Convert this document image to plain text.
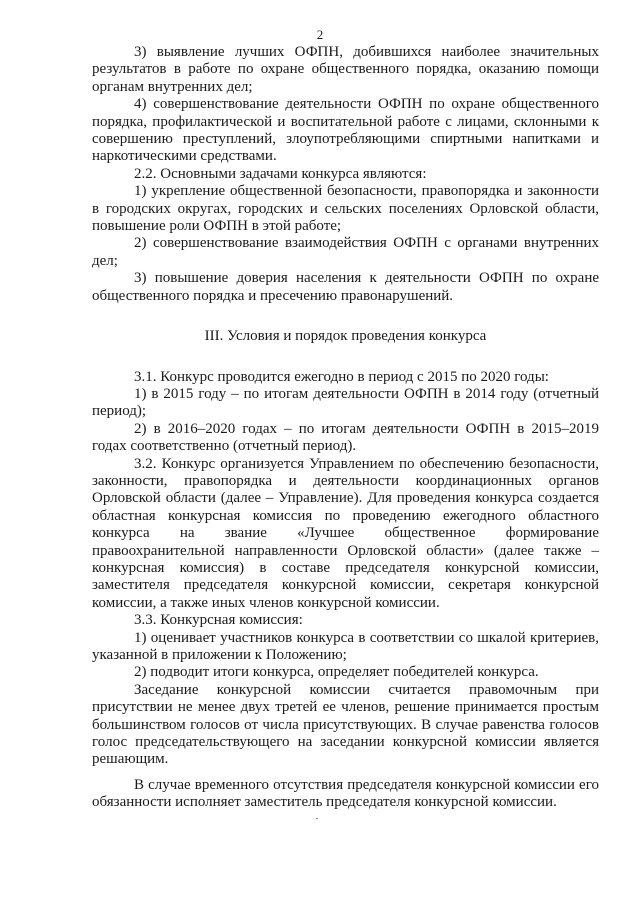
2

3) выявление лучших ОФПН, добившихся наиболее значительных результатов в работе по охране общественного порядка, оказанию помощи органам внутренних дел;

4) совершенствование деятельности ОФПН по охране общественного порядка, профилактической и воспитательной работе с лицами, склонными к совершению преступлений, злоупотребляющими спиртными напитками и наркотическими средствами.

2.2. Основными задачами конкурса являются:

1) укрепление общественной безопасности, правопорядка и законности в городских округах, городских и сельских поселениях Орловской области, повышение роли ОФПН в этой работе;

2) совершенствование взаимодействия ОФПН с органами внутренних дел;

3) повышение доверия населения к деятельности ОФПН по охране общественного порядка и пресечению правонарушений.

III. Условия и порядок проведения конкурса

3.1. Конкурс проводится ежегодно в период с 2015 по 2020 годы:

1) в 2015 году – по итогам деятельности ОФПН в 2014 году (отчетный период);

2) в 2016–2020 годах – по итогам деятельности ОФПН в 2015–2019 годах соответственно (отчетный период).

3.2. Конкурс организуется Управлением по обеспечению безопасности, законности, правопорядка и деятельности координационных органов Орловской области (далее – Управление). Для проведения конкурса создается областная конкурсная комиссия по проведению ежегодного областного конкурса на звание «Лучшее общественное формирование правоохранительной направленности Орловской области» (далее также – конкурсная комиссия) в составе председателя конкурсной комиссии, заместителя председателя конкурсной комиссии, секретаря конкурсной комиссии, а также иных членов конкурсной комиссии.

3.3. Конкурсная комиссия:

1) оценивает участников конкурса в соответствии со шкалой критериев, указанной в приложении к Положению;

2) подводит итоги конкурса, определяет победителей конкурса.

Заседание конкурсной комиссии считается правомочным при присутствии не менее двух третей ее членов, решение принимается простым большинством голосов от числа присутствующих. В случае равенства голосов голос председательствующего на заседании конкурсной комиссии является решающим.

В случае временного отсутствия председателя конкурсной комиссии его обязанности исполняет заместитель председателя конкурсной комиссии.
